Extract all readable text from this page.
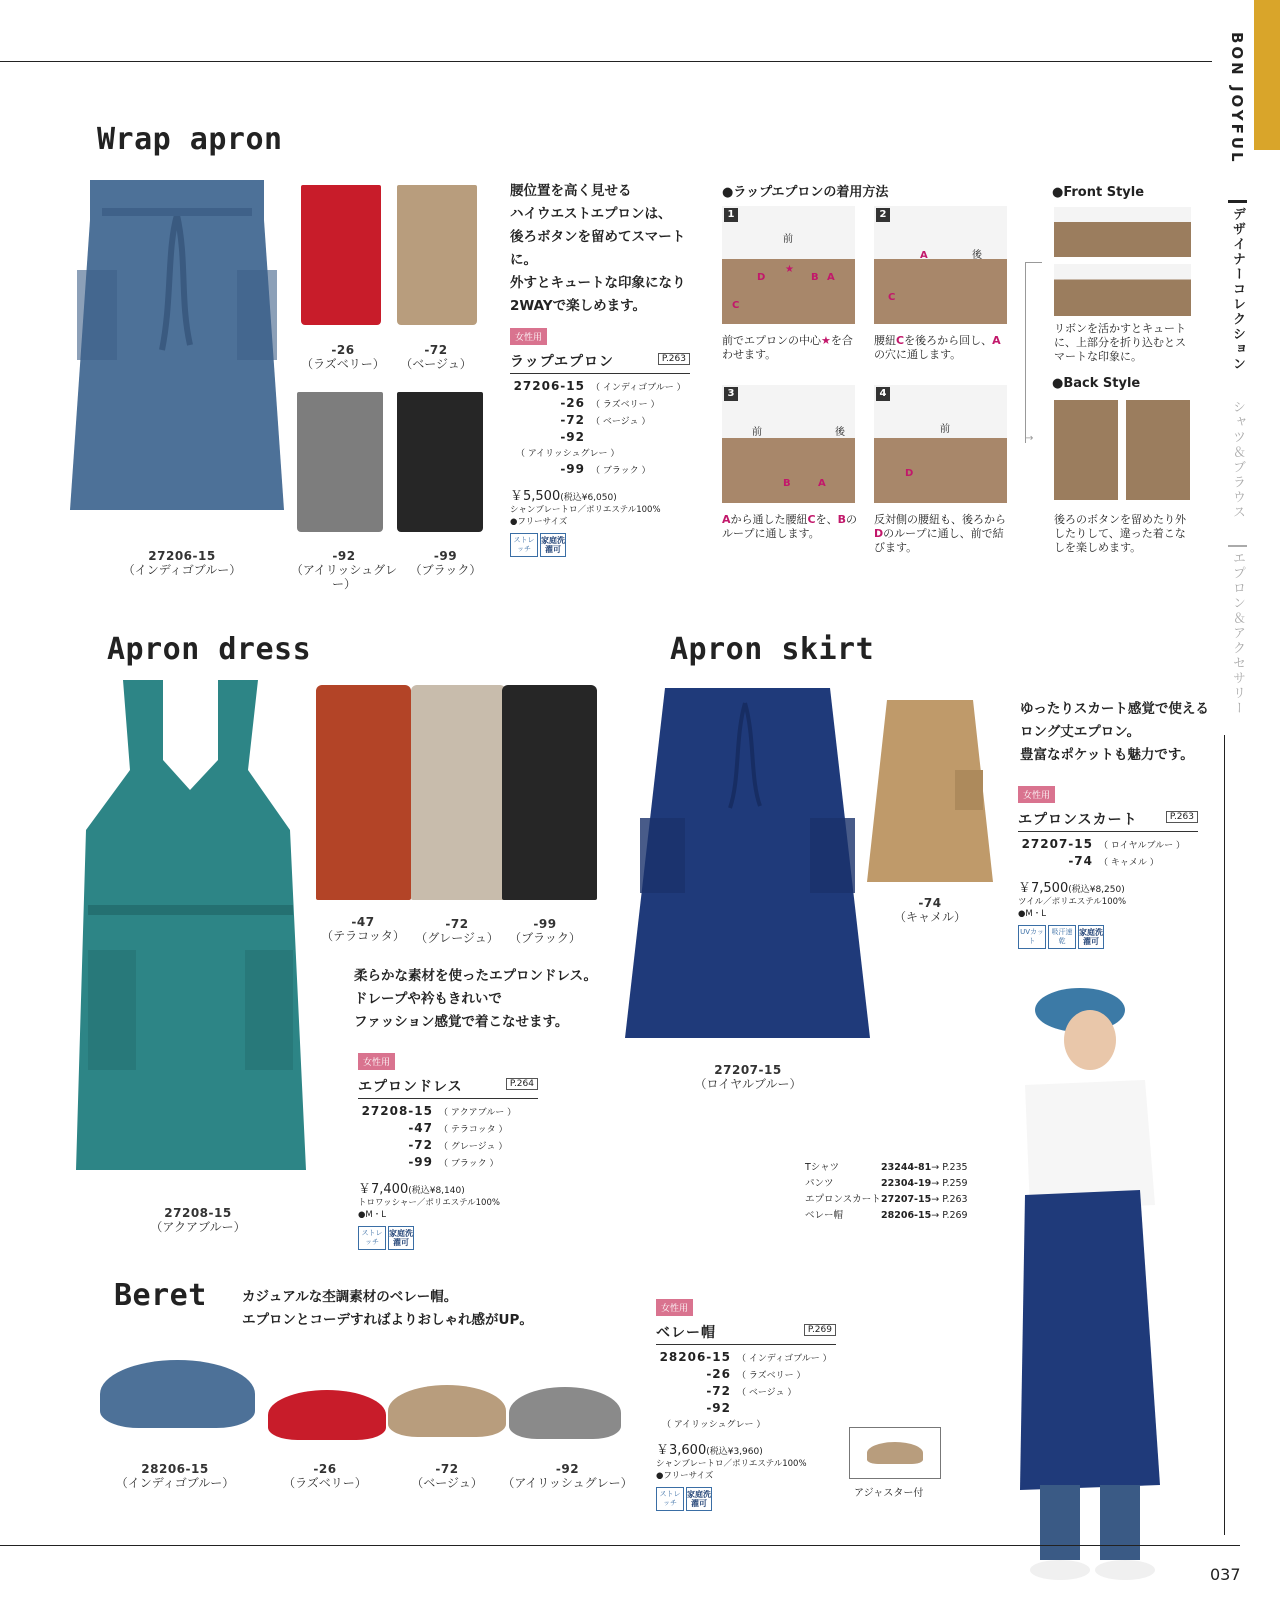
BON JOYFUL
デザイナーコレクション
シャツ＆ブラウス
エプロン＆アクセサリー
Wrap apron
27206-15
（インディゴブルー）
-26
（ラズベリー）
-72
（ベージュ）
-92
（アイリッシュグレー）
-99
（ブラック）
腰位置を高く見せる
ハイウエストエプロンは、
後ろボタンを留めてスマートに。
外すとキュートな印象になり
2WAYで楽しめます。
女性用
ラップエプロン	P.263
27206-15 （ インディゴブルー ）
-26 （ ラズベリー ）
-72 （ ベージュ ）
-92（ アイリッシュグレー ）
-99 （ ブラック ）
￥5,500(税込¥6,050)
シャンブレートロ／ポリエステル100%
●フリーサイズ
ストレッチ
家庭洗濯可
●ラップエプロンの着用方法
1
前
D
★
B A
C
前でエプロンの中心★を合わせます。
2
後
A
C
腰紐Cを後ろから回し、Aの穴に通します。
3
前	後
B	A
Aから通した腰紐Cを、Bのループに通します。
4
前
D
反対側の腰紐も、後ろからDのループに通し、前で結びます。
→
●Front Style
リボンを活かすとキュートに、上部分を折り込むとスマートな印象に。
●Back Style
後ろのボタンを留めたり外したりして、違った着こなしを楽しめます。
Apron dress
27208-15
（アクアブルー）
-47
（テラコッタ）
-72
（グレージュ）
-99
（ブラック）
柔らかな素材を使ったエプロンドレス。
ドレープや衿もきれいで
ファッション感覚で着こなせます。
女性用
エプロンドレス	P.264
27208-15 （ アクアブルー ）
-47 （ テラコッタ ）
-72 （ グレージュ ）
-99 （ ブラック ）
￥7,400(税込¥8,140)
トロワッシャー／ポリエステル100%
●M・L
ストレッチ
家庭洗濯可
Apron skirt
27207-15
（ロイヤルブルー）
-74
（キャメル）
ゆったりスカート感覚で使える
ロング丈エプロン。
豊富なポケットも魅力です。
女性用
エプロンスカート	P.263
27207-15 （ ロイヤルブルー ）
-74 （ キャメル ）
￥7,500(税込¥8,250)
ツイル／ポリエステル100%
●M・L
UVカット
吸汗速乾
家庭洗濯可
Tシャツ	23244-81→ P.235
パンツ	22304-19→ P.259
エプロンスカート27207-15→ P.263
ベレー帽	28206-15→ P.269
Beret	カジュアルな杢調素材のベレー帽。
エプロンとコーデすればよりおしゃれ感がUP。
28206-15
（インディゴブルー）
-26
（ラズベリー）
-72
（ベージュ）
-92
（アイリッシュグレー）
女性用
ベレー帽	P.269
28206-15 （ インディゴブルー ）
-26 （ ラズベリー ）
-72 （ ベージュ ）
-92（ アイリッシュグレー ）
￥3,600(税込¥3,960)
シャンブレートロ／ポリエステル100%
●フリーサイズ
ストレッチ
家庭洗濯可
アジャスター付
037
